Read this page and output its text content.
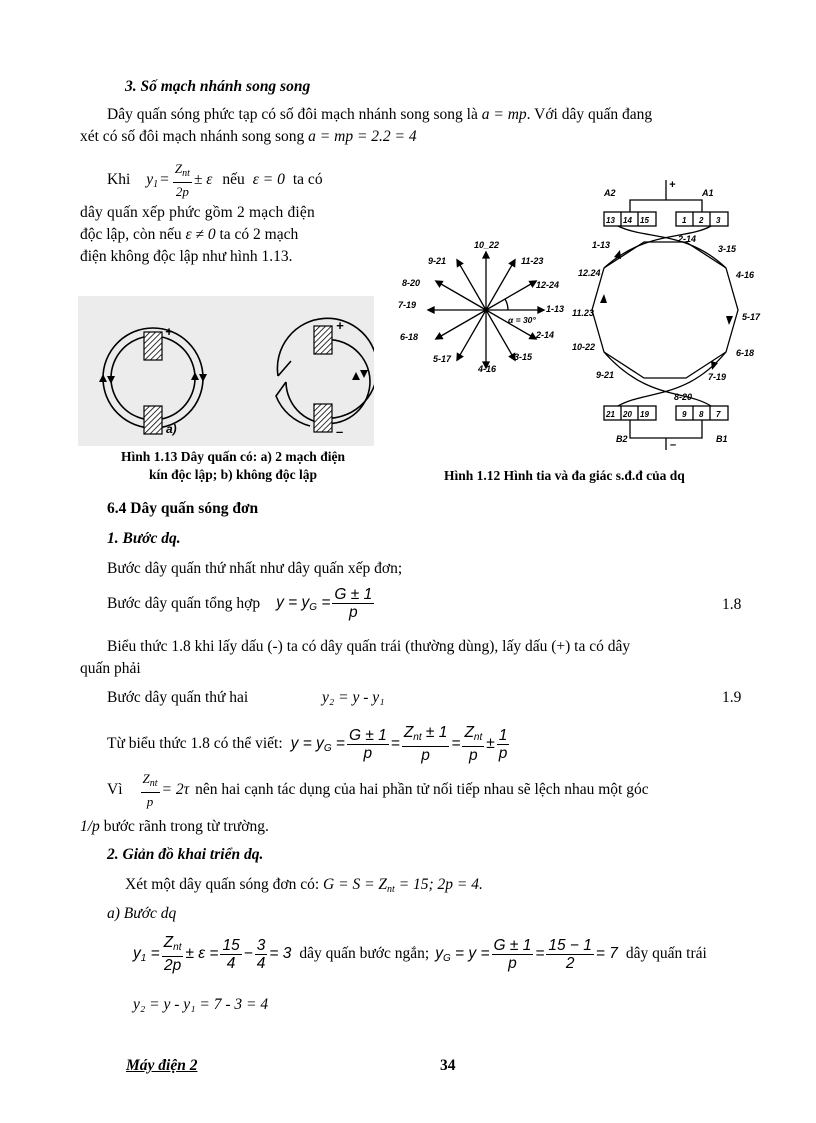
3. Số mạch nhánh song song
Dây quấn sóng phức tạp có số đôi mạch nhánh song song là a = mp. Với dây quấn đang
xét có số đôi mạch nhánh song song a = mp = 2.2 = 4
Khi $y_1 = \frac{Z_{nt}}{2p} \pm \varepsilon$ nếu ε = 0 ta có
dây quấn xếp phức gồm 2 mạch điện
độc lập, còn nếu ε ≠ 0 ta có 2 mạch
điện không độc lập như hình 1.13.
+
a)
+
–
Hình 1.13 Dây quấn có: a) 2 mạch điện
kín độc lập; b) không độc lập
10_22
11-23
12-24
1-13
2-14
3-15
4-16
5-17
6-18
7-19
8-20
9-21
α = 30°
A2	A1
B2	B1
1-13
2-14
3-15
4-16
5-17
6-18
7-19
8-20
9-21
10-22
11.23
12.24
+
–
13 14 15	1 2 3
21 20 19	9 8 7
Hình 1.12 Hình tia và đa giác s.đ.đ của dq
6.4 Dây quấn sóng đơn
1. Bước dq.
Bước dây quấn thứ nhất như dây quấn xếp đơn;
Bước dây quấn tổng hợp $y = y_G = \frac{G \pm 1}{p}$	1.8
Biểu thức 1.8 khi lấy dấu (-) ta có dây quấn trái (thường dùng), lấy dấu (+) ta có dây
quấn phải
Bước dây quấn thứ hai	y₂ = y - y₁	1.9
Từ biểu thức 1.8 có thể viết: $y = y_G = \frac{G \pm 1}{p} = \frac{Z_{nt} \pm 1}{p} = \frac{Z_{nt}}{p} \pm \frac{1}{p}$
Vì $\frac{Z_{nt}}{p} = 2\tau$ nên hai cạnh tác dụng của hai phần tử nối tiếp nhau sẽ lệch nhau một góc
1/p bước rãnh trong từ trường.
2. Giản đồ khai triển dq.
Xét một dây quấn sóng đơn có: $G = S = Z_{nt} = 15$; 2p = 4.
a) Bước dq
$y_1 = \frac{Z_{nt}}{2p} \pm \varepsilon = \frac{15}{4} - \frac{3}{4} = 3$ dây quấn bước ngắn; $y_G = y = \frac{G \pm 1}{p} = \frac{15 - 1}{2} = 7$ dây quấn trái
y₂ = y - y₁ = 7 - 3 = 4
Máy điện 2	34
